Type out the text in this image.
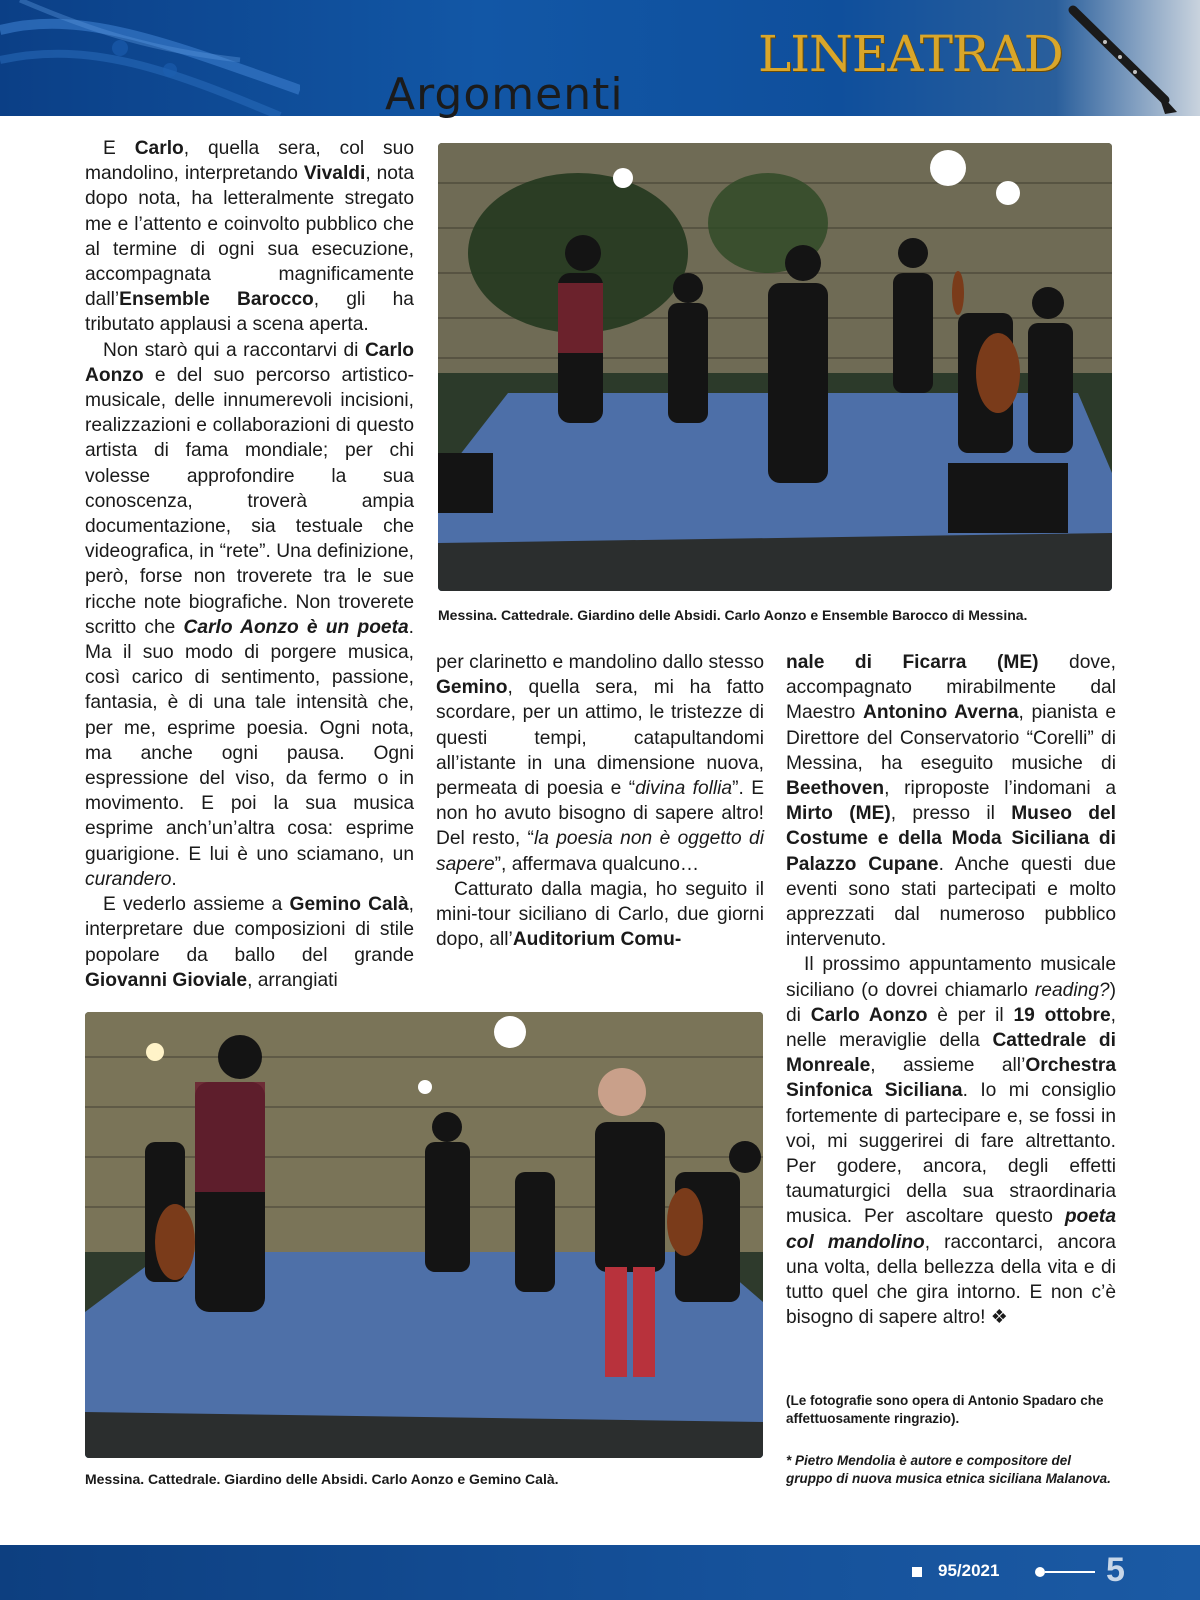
LINEATRAD
Argomenti

E Carlo, quella sera, col suo mandolino, interpretando Vivaldi, nota dopo nota, ha letteralmente stregato me e l’attento e coinvolto pubblico che al termine di ogni sua esecuzione, accompagnata magnificamente dall’Ensemble Barocco, gli ha tributato applausi a scena aperta.

Non starò qui a raccontarvi di Carlo Aonzo e del suo percorso artistico-musicale, delle innumerevoli incisioni, realizzazioni e collaborazioni di questo artista di fama mondiale; per chi volesse approfondire la sua conoscenza, troverà ampia documentazione, sia testuale che videografica, in “rete”. Una definizione, però, forse non troverete tra le sue ricche note biografiche. Non troverete scritto che Carlo Aonzo è un poeta. Ma il suo modo di porgere musica, così carico di sentimento, passione, fantasia, è di una tale intensità che, per me, esprime poesia. Ogni nota, ma anche ogni pausa. Ogni espressione del viso, da fermo o in movimento. E poi la sua musica esprime anch’un’altra cosa: esprime guarigione. E lui è uno sciamano, un curandero.

E vederlo assieme a Gemino Calà, interpretare due composizioni di stile popolare da ballo del grande Giovanni Gioviale, arrangiati

Messina. Cattedrale. Giardino delle Absidi. Carlo Aonzo e Ensemble Barocco di Messina.

per clarinetto e mandolino dallo stesso Gemino, quella sera, mi ha fatto scordare, per un attimo, le tristezze di questi tempi, catapultandomi all’istante in una dimensione nuova, permeata di poesia e “divina follia”. E non ho avuto bisogno di sapere altro! Del resto, “la poesia non è oggetto di sapere”, affermava qualcuno…

Catturato dalla magia, ho seguito il mini-tour siciliano di Carlo, due giorni dopo, all’Auditorium Comu-

nale di Ficarra (ME) dove, accompagnato mirabilmente dal Maestro Antonino Averna, pianista e Direttore del Conservatorio “Corelli” di Messina, ha eseguito musiche di Beethoven, riproposte l’indomani a Mirto (ME), presso il Museo del Costume e della Moda Siciliana di Palazzo Cupane. Anche questi due eventi sono stati partecipati e molto apprezzati dal numeroso pubblico intervenuto.

Il prossimo appuntamento musicale siciliano (o dovrei chiamarlo reading?) di Carlo Aonzo è per il 19 ottobre, nelle meraviglie della Cattedrale di Monreale, assieme all’Orchestra Sinfonica Siciliana. Io mi consiglio fortemente di partecipare e, se fossi in voi, mi suggerirei di fare altrettanto. Per godere, ancora, degli effetti taumaturgici della sua straordinaria musica. Per ascoltare questo poeta col mandolino, raccontarci, ancora una volta, della bellezza della vita e di tutto quel che gira intorno. E non c’è bisogno di sapere altro! ❖

(Le fotografie sono opera di Antonio Spadaro che affettuosamente ringrazio).
* Pietro Mendolia è autore e compositore del gruppo di nuova musica etnica siciliana Malanova.
Messina. Cattedrale. Giardino delle Absidi. Carlo Aonzo e Gemino Calà.
95/2021	5
